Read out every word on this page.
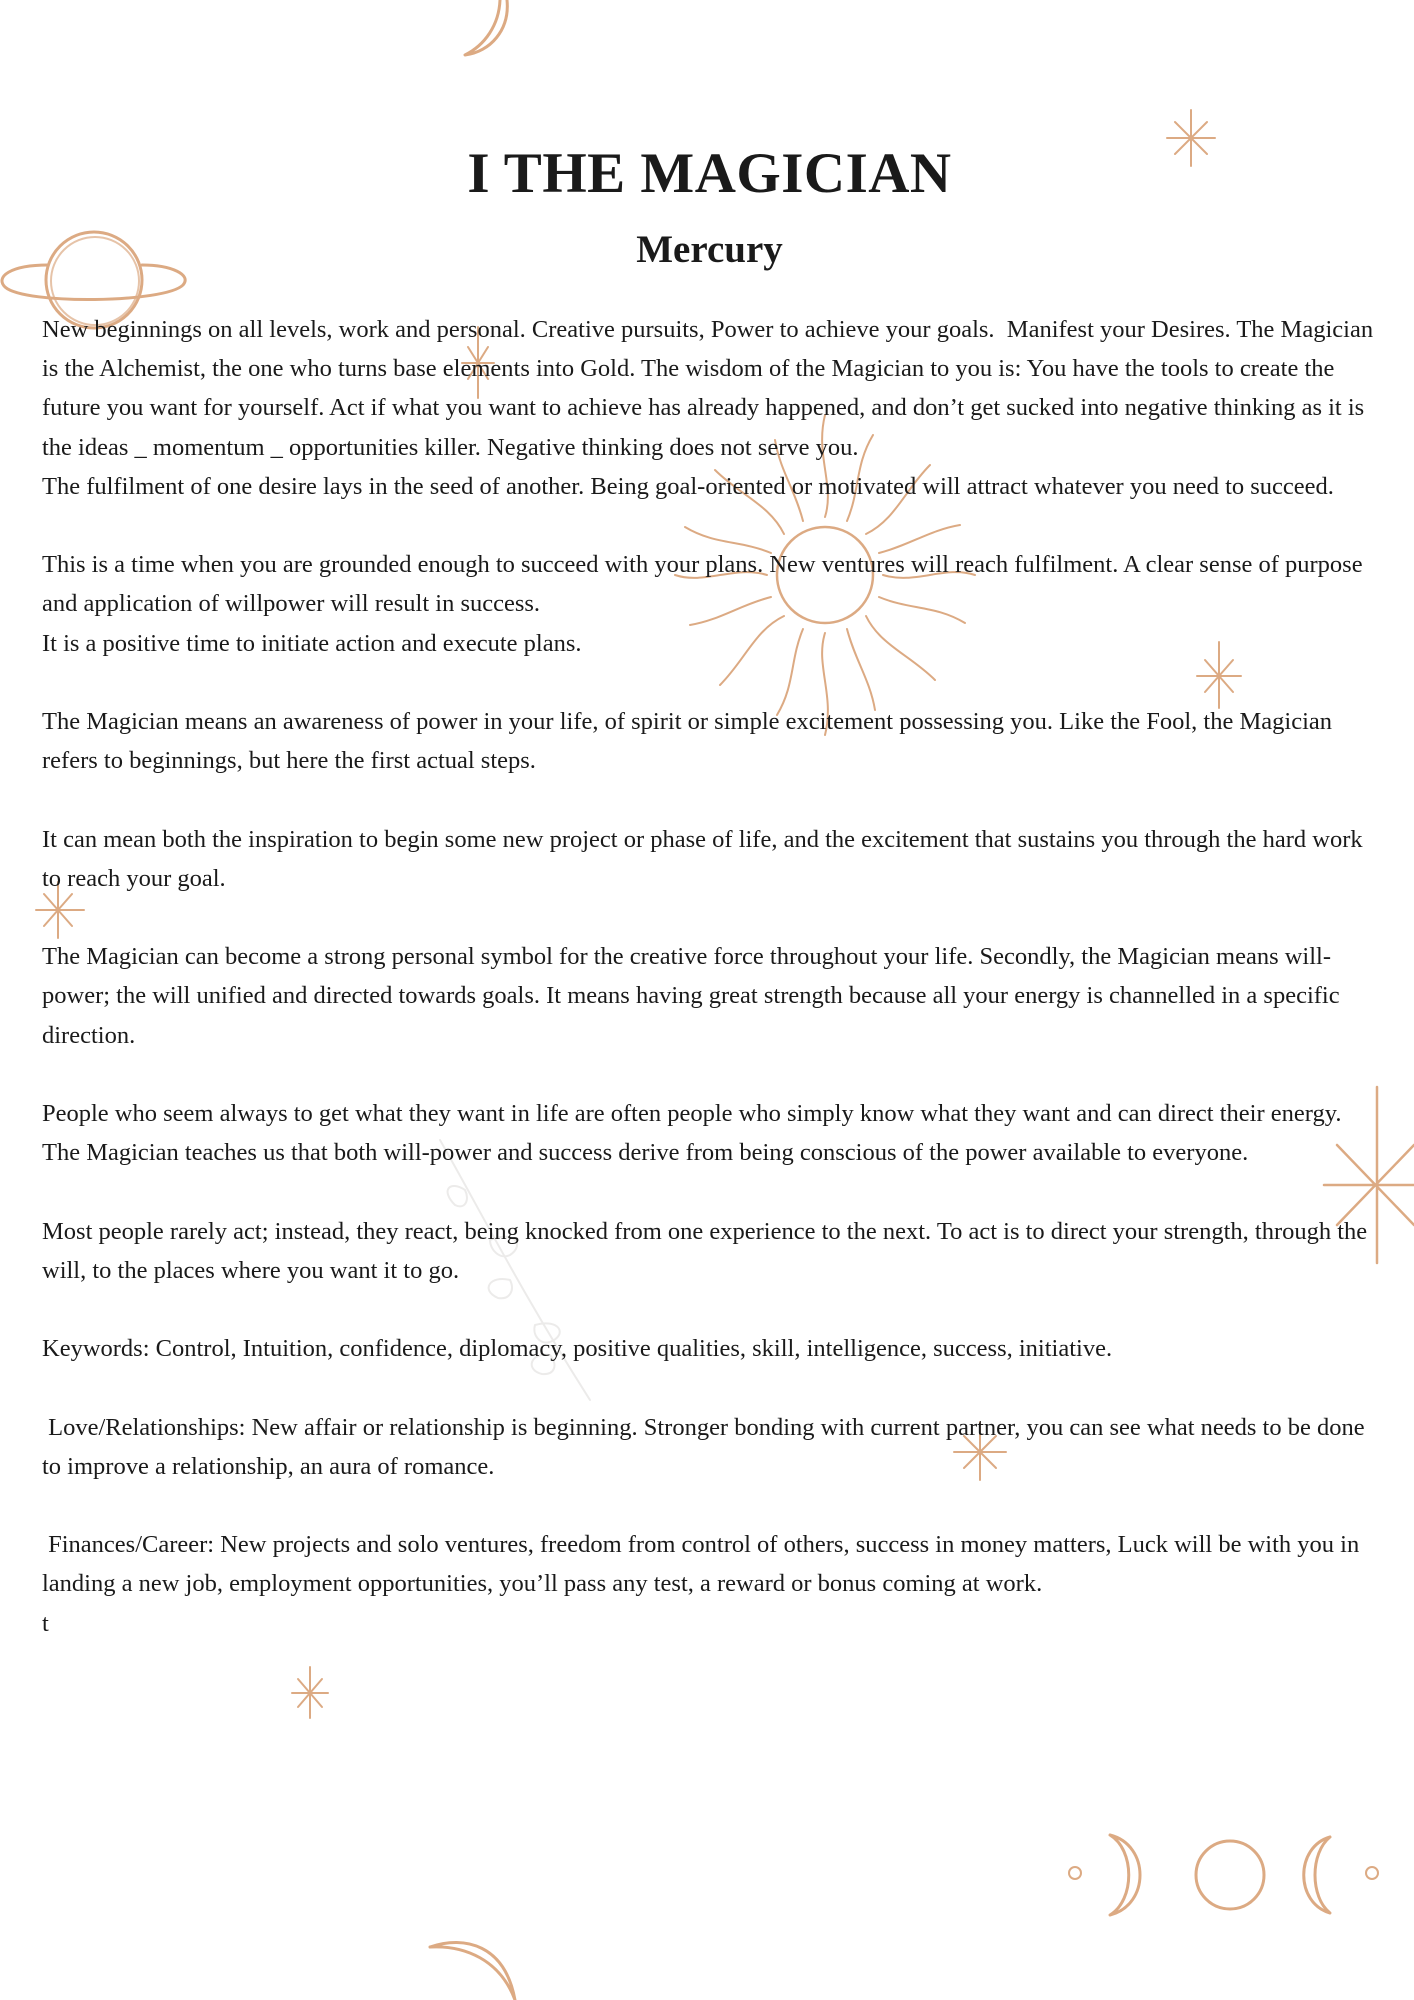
I THE MAGICIAN
Mercury

New beginnings on all levels, work and personal. Creative pursuits, Power to achieve your goals.  Manifest your Desires. The Magician is the Alchemist, the one who turns base elements into Gold. The wisdom of the Magician to you is: You have the tools to create the future you want for yourself. Act if what you want to achieve has already happened, and don’t get sucked into negative thinking as it is the ideas _ momentum _ opportunities killer. Negative thinking does not serve you.

The fulfilment of one desire lays in the seed of another. Being goal-oriented or motivated will attract whatever you need to succeed.

This is a time when you are grounded enough to succeed with your plans. New ventures will reach fulfilment. A clear sense of purpose and application of willpower will result in success.

It is a positive time to initiate action and execute plans.

The Magician means an awareness of power in your life, of spirit or simple excitement possessing you. Like the Fool, the Magician refers to beginnings, but here the first actual steps.

It can mean both the inspiration to begin some new project or phase of life, and the excitement that sustains you through the hard work to reach your goal.

The Magician can become a strong personal symbol for the creative force throughout your life. Secondly, the Magician means will-power; the will unified and directed towards goals. It means having great strength because all your energy is channelled in a specific direction.

People who seem always to get what they want in life are often people who simply know what they want and can direct their energy. The Magician teaches us that both will-power and success derive from being conscious of the power available to everyone.

Most people rarely act; instead, they react, being knocked from one experience to the next. To act is to direct your strength, through the will, to the places where you want it to go.

Keywords: Control, Intuition, confidence, diplomacy, positive qualities, skill, intelligence, success, initiative.

Love/Relationships: New affair or relationship is beginning. Stronger bonding with current partner, you can see what needs to be done to improve a relationship, an aura of romance.

Finances/Career: New projects and solo ventures, freedom from control of others, success in money matters, Luck will be with you in landing a new job, employment opportunities, you’ll pass any test, a reward or bonus coming at work.

t
